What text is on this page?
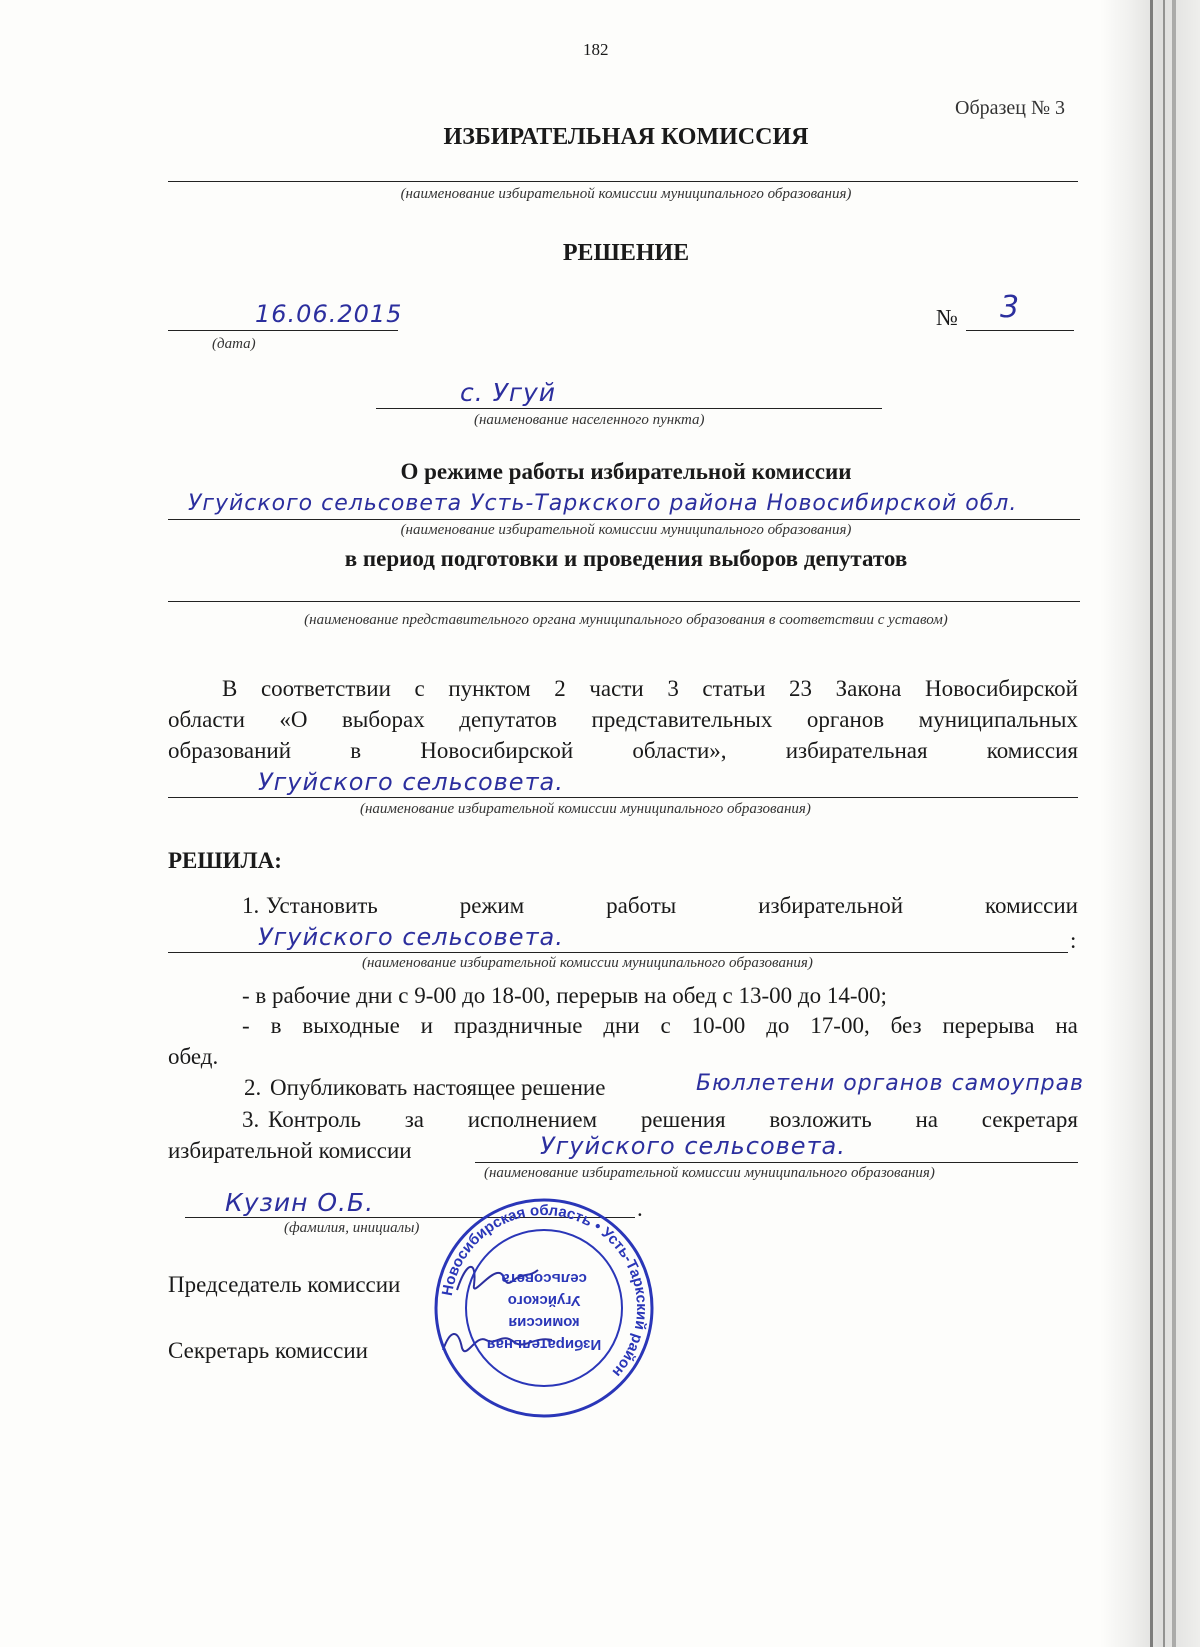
182
Образец № 3
ИЗБИРАТЕЛЬНАЯ КОМИССИЯ
(наименование избирательной комиссии муниципального образования)
РЕШЕНИЕ
16.06.2015
(дата)
№ 3
с. Угуй
(наименование населенного пункта)
О режиме работы избирательной комиссии
Угуйского сельсовета Усть-Таркского района Новосибирской обл.
(наименование избирательной комиссии муниципального образования)
в период подготовки и проведения выборов депутатов
(наименование представительного органа муниципального образования в соответствии с уставом)
В соответствии с пунктом 2 части 3 статьи 23 Закона Новосибирской
области «О выборах депутатов представительных органов муниципальных
образований	в	Новосибирской	области»,	избирательная	комиссия
Угуйского сельсовета.
(наименование избирательной комиссии муниципального образования)
РЕШИЛА:
1. Установить	режим	работы	избирательной	комиссии
Угуйского сельсовета.	:
(наименование избирательной комиссии муниципального образования)
- в рабочие дни с 9-00 до 18-00, перерыв на обед с 13-00 до 14-00;
- в выходные и праздничные дни с 10-00 до 17-00, без перерыва на
обед.
2. Опубликовать настоящее решение	Бюллетени органов самоуправ
3. Контроль за исполнением решения возложить на секретаря
избирательной комиссии	Угуйского сельсовета.
(наименование избирательной комиссии муниципального образования)
Кузин О.Б.	.
(фамилия, инициалы)
Председатель комиссии
Секретарь комиссии
Новосибирская область • Усть-Таркский район
Избирательная
комиссия
Угуйского
сельсовета
